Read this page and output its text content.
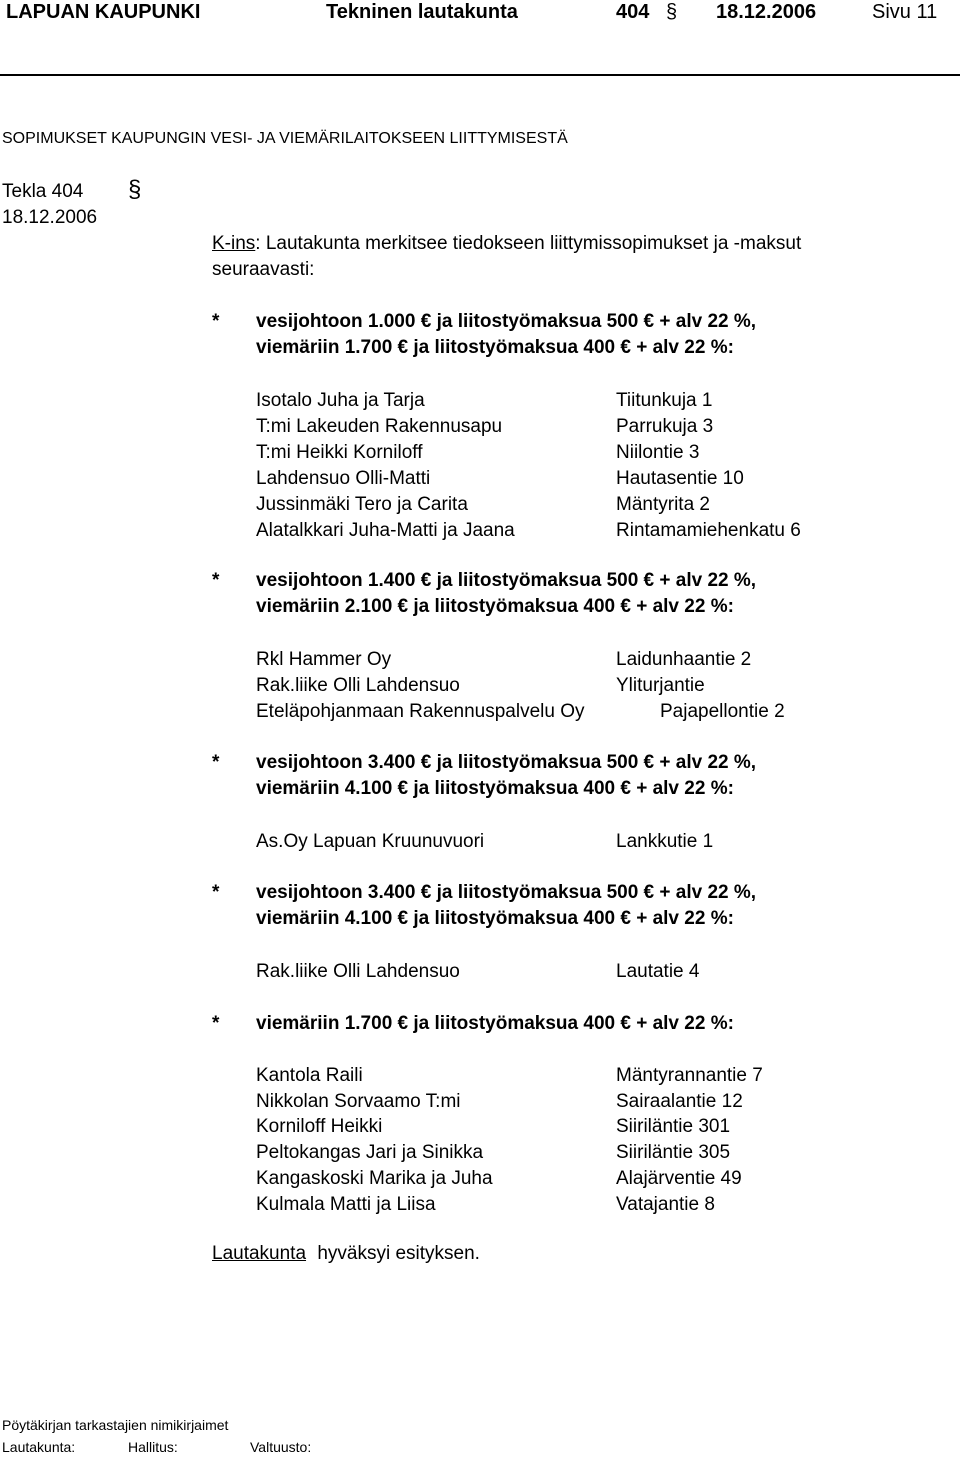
LAPUAN KAUPUNKI	Tekninen lautakunta	404 § 18.12.2006	Sivu 11
SOPIMUKSET KAUPUNGIN VESI- JA VIEMÄRILAITOKSEEN LIITTYMISESTÄ
Tekla 404 §
18.12.2006
K-ins: Lautakunta merkitsee tiedokseen liittymissopimukset ja -maksut
seuraavasti:
* vesijohtoon 1.000 € ja liitostyömaksua 500 € + alv 22 %,
viemäriin 1.700 € ja liitostyömaksua 400 € + alv 22 %:
Isotalo Juha ja Tarja	Tiitunkuja 1
T:mi Lakeuden Rakennusapu	Parrukuja 3
T:mi Heikki Korniloff	Niilontie 3
Lahdensuo Olli-Matti	Hautasentie 10
Jussinmäki Tero ja Carita	Mäntyrita 2
Alatalkkari Juha-Matti ja Jaana	Rintamamiehenkatu 6
* vesijohtoon 1.400 € ja liitostyömaksua 500 € + alv 22 %,
viemäriin 2.100 € ja liitostyömaksua 400 € + alv 22 %:
Rkl Hammer Oy	Laidunhaantie 2
Rak.liike Olli Lahdensuo	Yliturjantie
Eteläpohjanmaan Rakennuspalvelu Oy	Pajapellontie 2
* vesijohtoon 3.400 € ja liitostyömaksua 500 € + alv 22 %,
viemäriin 4.100 € ja liitostyömaksua 400 € + alv 22 %:
As.Oy Lapuan Kruunuvuori	Lankkutie 1
* vesijohtoon 3.400 € ja liitostyömaksua 500 € + alv 22 %,
viemäriin 4.100 € ja liitostyömaksua 400 € + alv 22 %:
Rak.liike Olli Lahdensuo	Lautatie 4
* viemäriin 1.700 € ja liitostyömaksua 400 € + alv 22 %:
Kantola Raili	Mäntyrannantie 7
Nikkolan Sorvaamo T:mi	Sairaalantie 12
Korniloff Heikki	Siiriläntie 301
Peltokangas Jari ja Sinikka	Siiriläntie 305
Kangaskoski Marika ja Juha	Alajärventie 49
Kulmala Matti ja Liisa	Vatajantie 8
Lautakunta hyväksyi esityksen.
Pöytäkirjan tarkastajien nimikirjaimet
Lautakunta:	Hallitus:	Valtuusto:
